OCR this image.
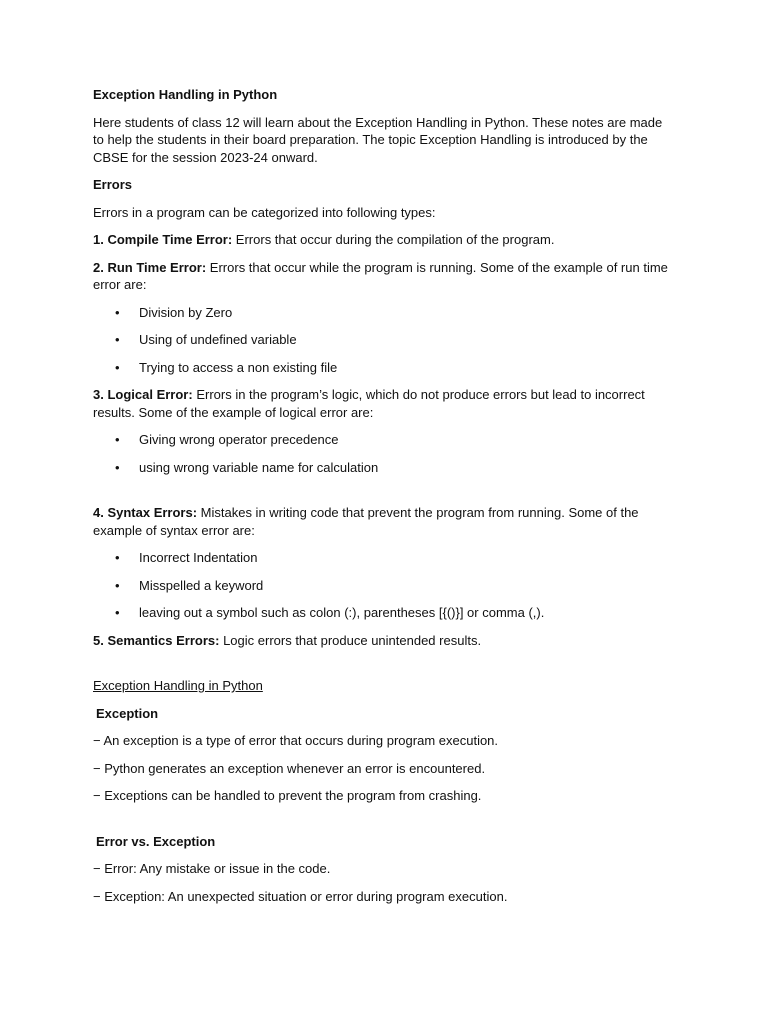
Exception Handling in Python

Here students of class 12 will learn about the Exception Handling in Python. These notes are made to help the students in their board preparation. The topic Exception Handling is introduced by the CBSE for the session 2023-24 onward.

Errors

Errors in a program can be categorized into following types:

1. Compile Time Error: Errors that occur during the compilation of the program.

2. Run Time Error: Errors that occur while the program is running. Some of the example of run time error are:

• Division by Zero
• Using of undefined variable
• Trying to access a non existing file

3. Logical Error: Errors in the program’s logic, which do not produce errors but lead to incorrect results. Some of the example of logical error are:

• Giving wrong operator precedence
• using wrong variable name for calculation

4. Syntax Errors: Mistakes in writing code that prevent the program from running. Some of the example of syntax error are:

• Incorrect Indentation
• Misspelled a keyword
• leaving out a symbol such as colon (:), parentheses [{()}] or comma (,).

5. Semantics Errors: Logic errors that produce unintended results.

Exception Handling in Python

Exception

− An exception is a type of error that occurs during program execution.

− Python generates an exception whenever an error is encountered.

− Exceptions can be handled to prevent the program from crashing.

Error vs. Exception

− Error: Any mistake or issue in the code.

− Exception: An unexpected situation or error during program execution.
